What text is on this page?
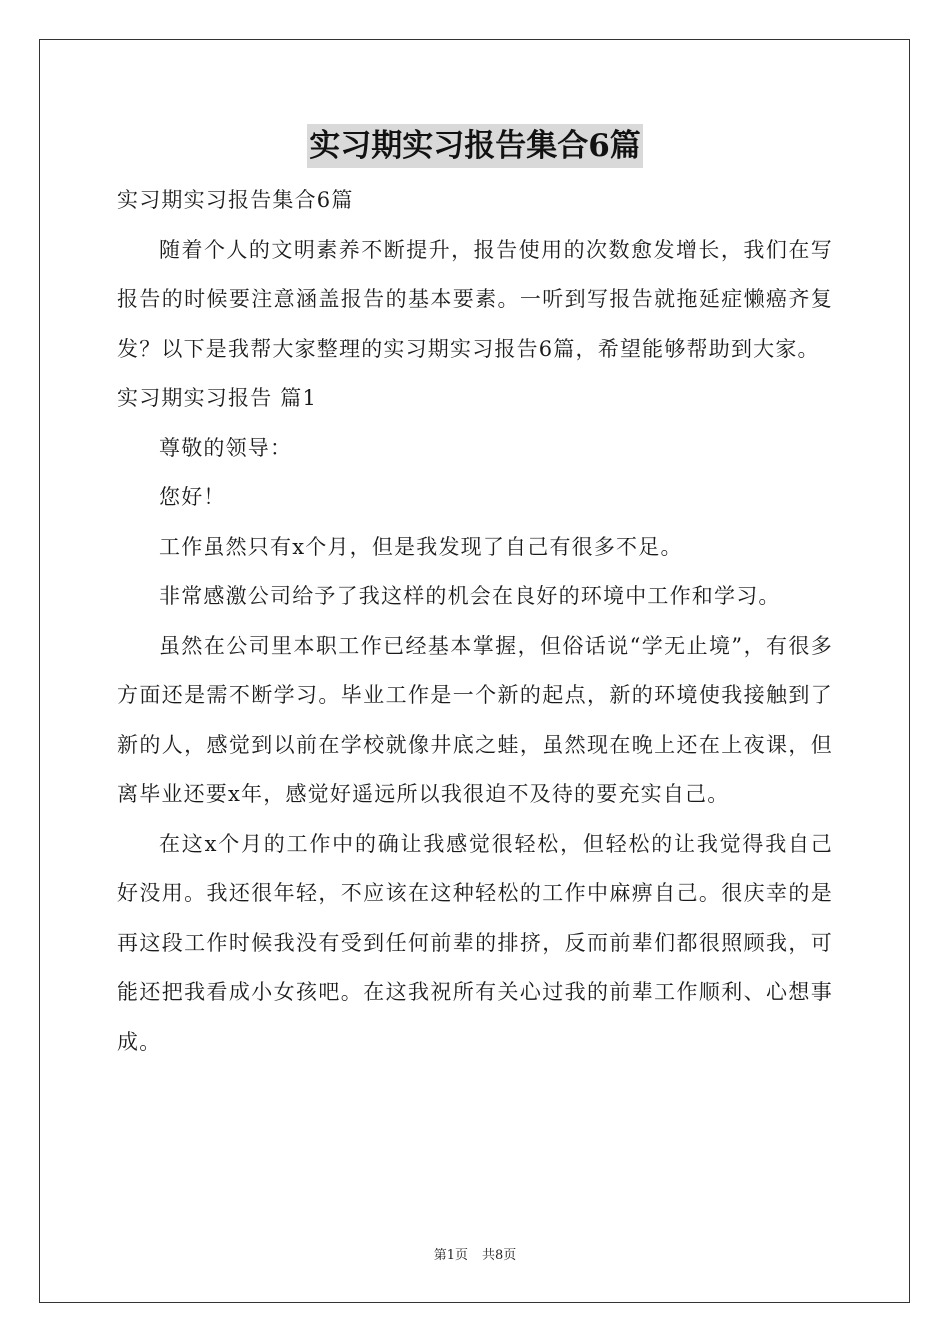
实习期实习报告集合6篇

实习期实习报告集合6篇

随着个人的文明素养不断提升，报告使用的次数愈发增长，我们在写报告的时候要注意涵盖报告的基本要素。一听到写报告就拖延症懒癌齐复发？以下是我帮大家整理的实习期实习报告6篇，希望能够帮助到大家。

实习期实习报告 篇1

尊敬的领导：

您好！

工作虽然只有x个月，但是我发现了自己有很多不足。

非常感激公司给予了我这样的机会在良好的环境中工作和学习。

虽然在公司里本职工作已经基本掌握，但俗话说“学无止境”，有很多方面还是需不断学习。毕业工作是一个新的起点，新的环境使我接触到了新的人，感觉到以前在学校就像井底之蛙，虽然现在晚上还在上夜课，但离毕业还要x年，感觉好遥远所以我很迫不及待的要充实自己。

在这x个月的工作中的确让我感觉很轻松，但轻松的让我觉得我自己好没用。我还很年轻，不应该在这种轻松的工作中麻痹自己。很庆幸的是再这段工作时候我没有受到任何前辈的排挤，反而前辈们都很照顾我，可能还把我看成小女孩吧。在这我祝所有关心过我的前辈工作顺利、心想事成。

第1页 共8页
